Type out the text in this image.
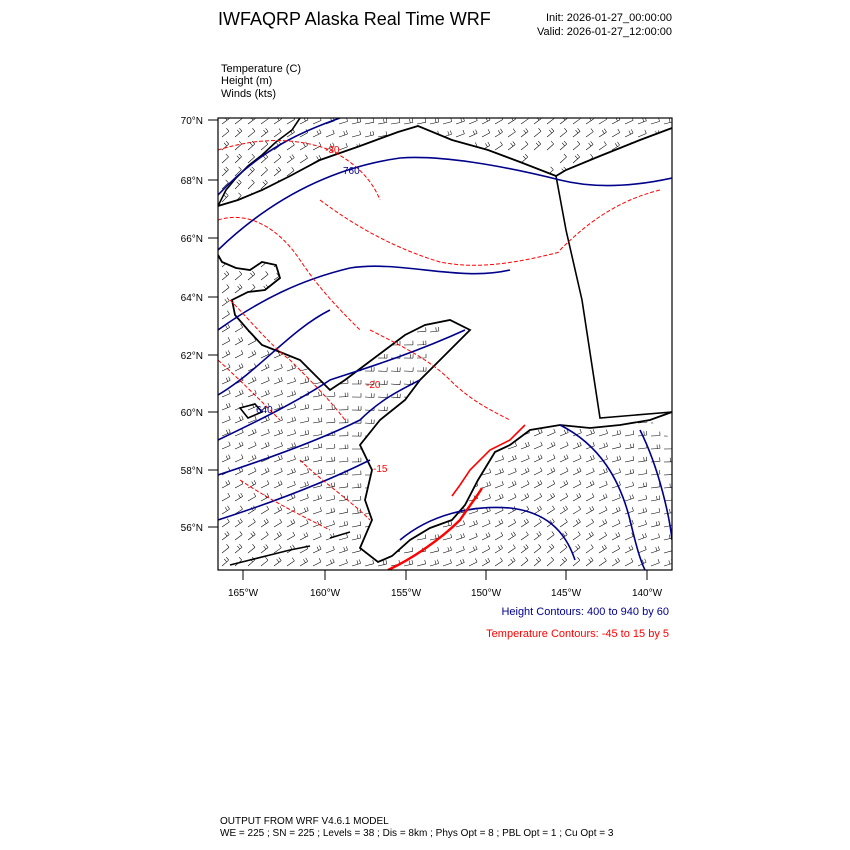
IWFAQRP Alaska Real Time WRF	Init: 2026-01-27_00:00:00
Valid: 2026-01-27_12:00:00
Temperature (C)
Height (m)
Winds (kts)
-30
760
-20
-15
640
70°N
68°N
66°N
64°N
62°N
60°N
58°N
56°N
165°W	160°W	155°W	150°W	145°W	140°W
Height Contours: 400 to 940 by 60
Temperature Contours: -45 to 15 by 5
OUTPUT FROM WRF V4.6.1 MODEL
WE = 225 ; SN = 225 ; Levels = 38 ; Dis = 8km ; Phys Opt = 8 ; PBL Opt = 1 ; Cu Opt = 3
